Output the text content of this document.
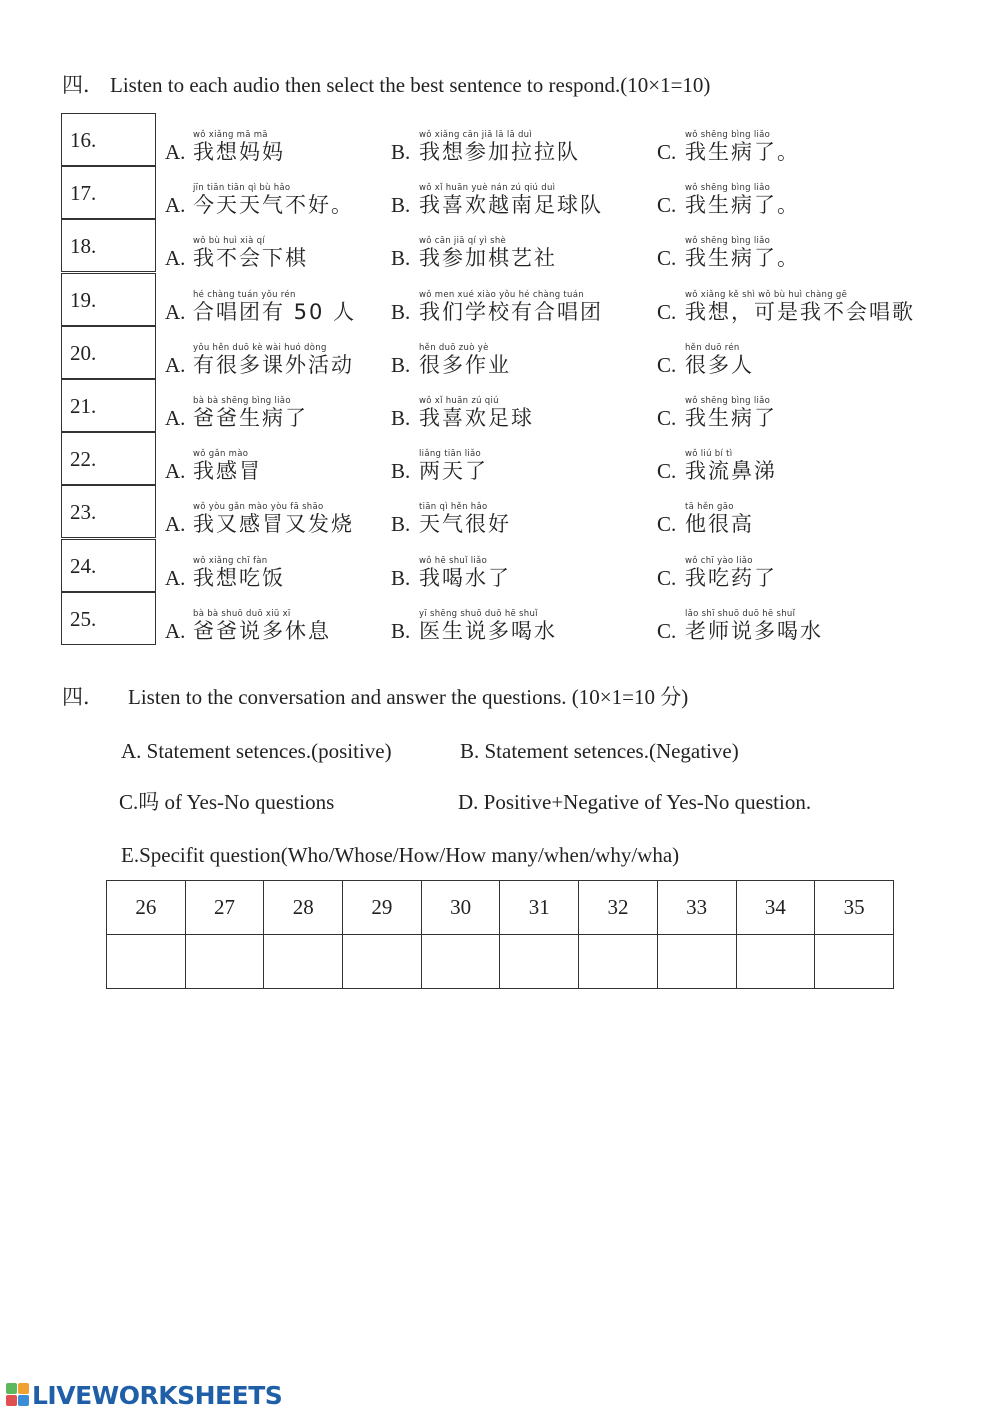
四． Listen to each audio then select the best sentence to respond.(10×1=10)
16.	A.
wǒ xiǎng mā mā
我想妈妈	B.
wǒ xiǎng cān jiā lā lā duì
我想参加拉拉队	C.
wǒ shēng bìng liǎo
我生病了。
17.	A.
jīn tiān tiān qì bù hǎo
今天天气不好。 B.
wǒ xǐ huān yuè nán zú qiú duì
我喜欢越南足球队	C.
wǒ shēng bìng liǎo
我生病了。
18.	A.
wǒ bù huì xià qí
我不会下棋	B.
wǒ cān jiā qí yì shè
我参加棋艺社	C.
wǒ shēng bìng liǎo
我生病了。
19.	A.
hé chàng tuán yǒu rén
合唱团有 50 人 B.
wǒ men xué xiào yǒu hé chàng tuán
我们学校有合唱团	C.
wǒ xiǎng kě shì wǒ bù huì chàng gē
我想，可是我不会唱歌
20.	A.
yǒu hěn duō kè wài huó dòng
有很多课外活动 B.
hěn duō zuò yè
很多作业	C.
hěn duō rén
很多人
21.	A.
bà bà shēng bìng liǎo
爸爸生病了	B.
wǒ xǐ huān zú qiú
我喜欢足球	C.
wǒ shēng bìng liǎo
我生病了
22.	A.
wǒ gǎn mào
我感冒	B.
liǎng tiān liǎo
两天了	C.
wǒ liú bí tì
我流鼻涕
23.	A.
wǒ yòu gǎn mào yòu fā shāo
我又感冒又发烧 B.
tiān qì hěn hǎo
天气很好	C.
tā hěn gāo
他很高
24.	A.
wǒ xiǎng chī fàn
我想吃饭	B.
wǒ hē shuǐ liǎo
我喝水了	C.
wǒ chī yào liǎo
我吃药了
25.	A.
bà bà shuō duō xiū xī
爸爸说多休息	B.
yī shēng shuō duō hē shuǐ
医生说多喝水	C.
lǎo shī shuō duō hē shuǐ
老师说多喝水
四． Listen to the conversation and answer the questions. (10×1=10 分)
A. Statement setences.(positive)	B. Statement setences.(Negative)
C.吗 of Yes-No questions	D. Positive+Negative of Yes-No question.
E.Specifit question(Who/Whose/How/How many/when/why/wha)
26	27	28	29	30	31	32	33	34	35

LIVEWORKSHEETS
